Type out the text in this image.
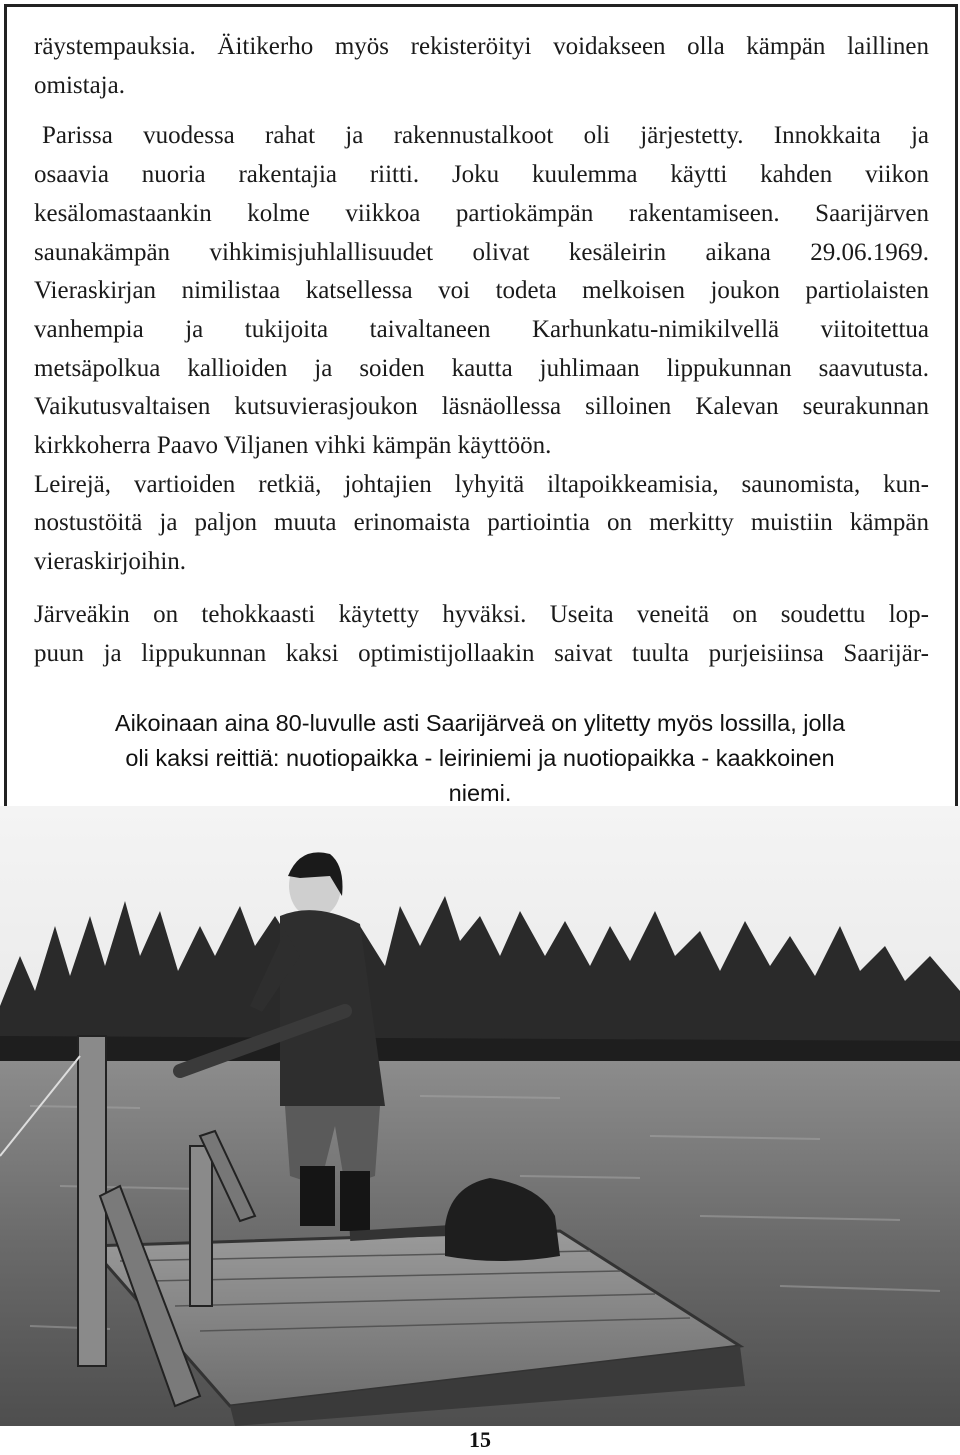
räystempauksia. Äitikerho myös rekisteröityi voidakseen olla kämpän laillinen
omistaja.
Parissa vuodessa rahat ja rakennustalkoot oli järjestetty. Innokkaita ja
osaavia nuoria rakentajia riitti. Joku kuulemma käytti kahden viikon
kesälomastaankin kolme viikkoa partiokämpän rakentamiseen. Saarijärven
saunakämpän vihkimisjuhlallisuudet olivat kesäleirin aikana 29.06.1969.
Vieraskirjan nimilistaa katsellessa voi todeta melkoisen joukon partiolaisten
vanhempia ja tukijoita taivaltaneen Karhunkatu-nimikilvellä viitoitettua
metsäpolkua kallioiden ja soiden kautta juhlimaan lippukunnan saavutusta.
Vaikutusvaltaisen kutsuvierasjoukon läsnäollessa silloinen Kalevan seurakunnan
kirkkoherra Paavo Viljanen vihki kämpän käyttöön.
Leirejä, vartioiden retkiä, johtajien lyhyitä iltapoikkeamisia, saunomista, kun-
nostustöitä ja paljon muuta erinomaista partiointia on merkitty muistiin kämpän
vieraskirjoihin.
Järveäkin on tehokkaasti käytetty hyväksi. Useita veneitä on soudettu lop-
puun ja lippukunnan kaksi optimistijollaakin saivat tuulta purjeisiinsa Saarijär-
Aikoinaan aina 80-luvulle asti Saarijärveä on ylitetty myös lossilla, jolla
oli kaksi reittiä: nuotiopaikka - leiriniemi ja nuotiopaikka - kaakkoinen
niemi.
15
